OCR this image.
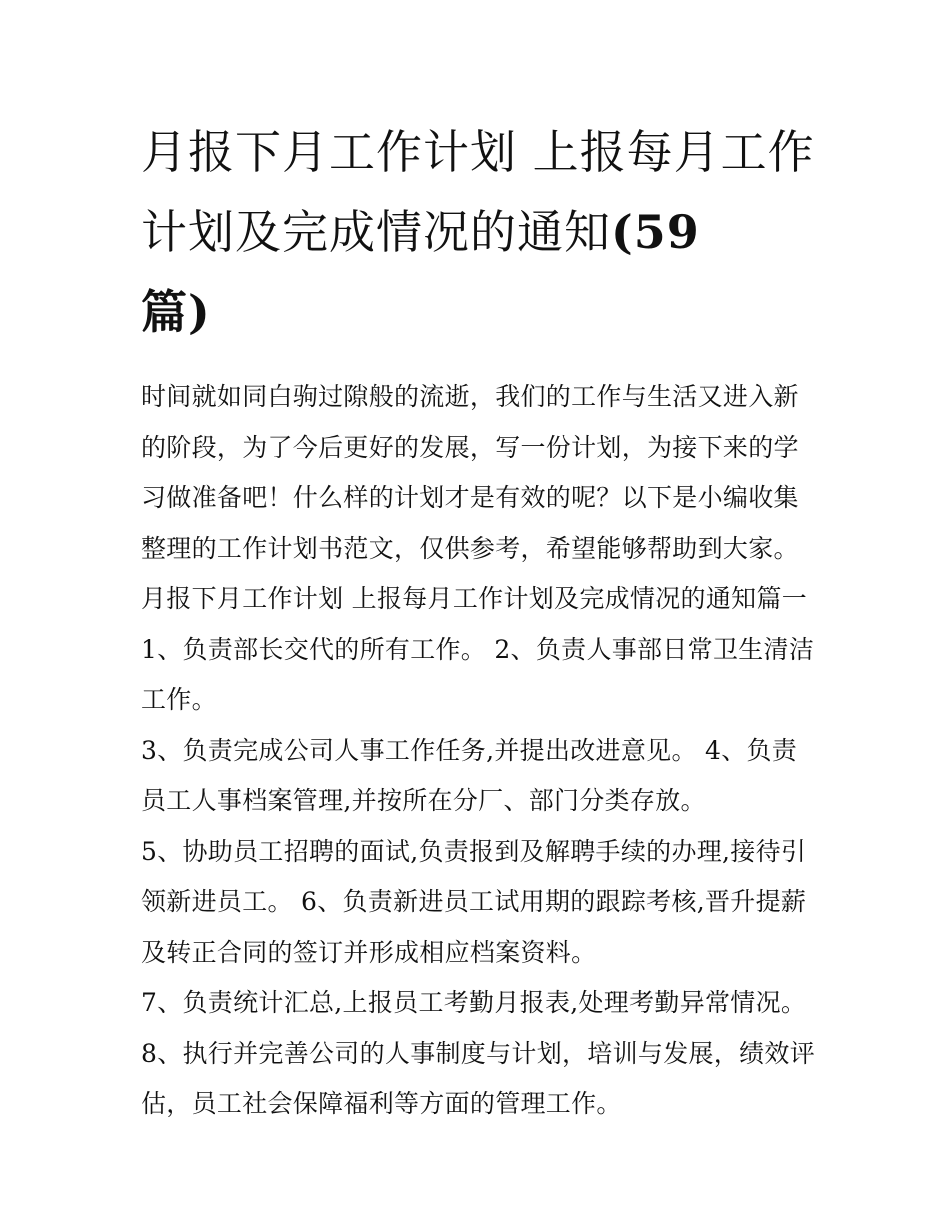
月报下月工作计划 上报每月工作计划及完成情况的通知(59
篇)

时间就如同白驹过隙般的流逝，我们的工作与生活又进入新的阶段，为了今后更好的发展，写一份计划，为接下来的学习做准备吧！什么样的计划才是有效的呢？以下是小编收集整理的工作计划书范文，仅供参考，希望能够帮助到大家。

月报下月工作计划 上报每月工作计划及完成情况的通知篇一

1、负责部长交代的所有工作。 2、负责人事部日常卫生清洁工作。

3、负责完成公司人事工作任务,并提出改进意见。 4、负责员工人事档案管理,并按所在分厂、部门分类存放。

5、协助员工招聘的面试,负责报到及解聘手续的办理,接待引领新进员工。 6、负责新进员工试用期的跟踪考核,晋升提薪及转正合同的签订并形成相应档案资料。

7、负责统计汇总,上报员工考勤月报表,处理考勤异常情况。

8、执行并完善公司的人事制度与计划，培训与发展，绩效评估，员工社会保障福利等方面的管理工作。
